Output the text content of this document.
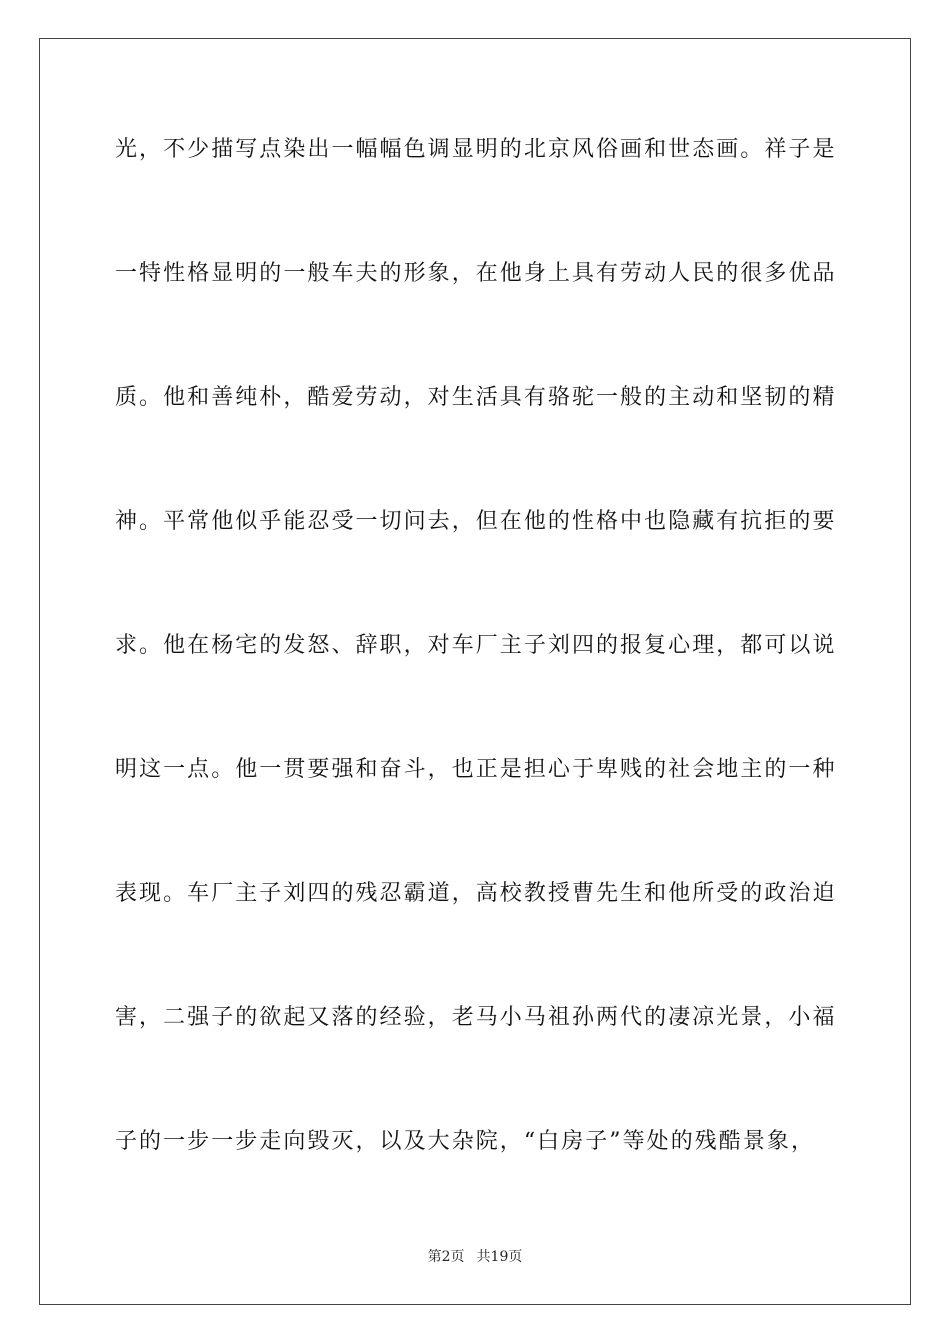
光，不少描写点染出一幅幅色调显明的北京风俗画和世态画。祥子是
一特性格显明的一般车夫的形象，在他身上具有劳动人民的很多优品
质。他和善纯朴，酷爱劳动，对生活具有骆驼一般的主动和坚韧的精
神。平常他似乎能忍受一切问去，但在他的性格中也隐藏有抗拒的要
求。他在杨宅的发怒、辞职，对车厂主子刘四的报复心理，都可以说
明这一点。他一贯要强和奋斗，也正是担心于卑贱的社会地主的一种
表现。车厂主子刘四的残忍霸道，高校教授曹先生和他所受的政治迫
害，二强子的欲起又落的经验，老马小马祖孙两代的凄凉光景，小福
子的一步一步走向毁灭，以及大杂院，“白房子”等处的残酷景象，
第2页 共19页
